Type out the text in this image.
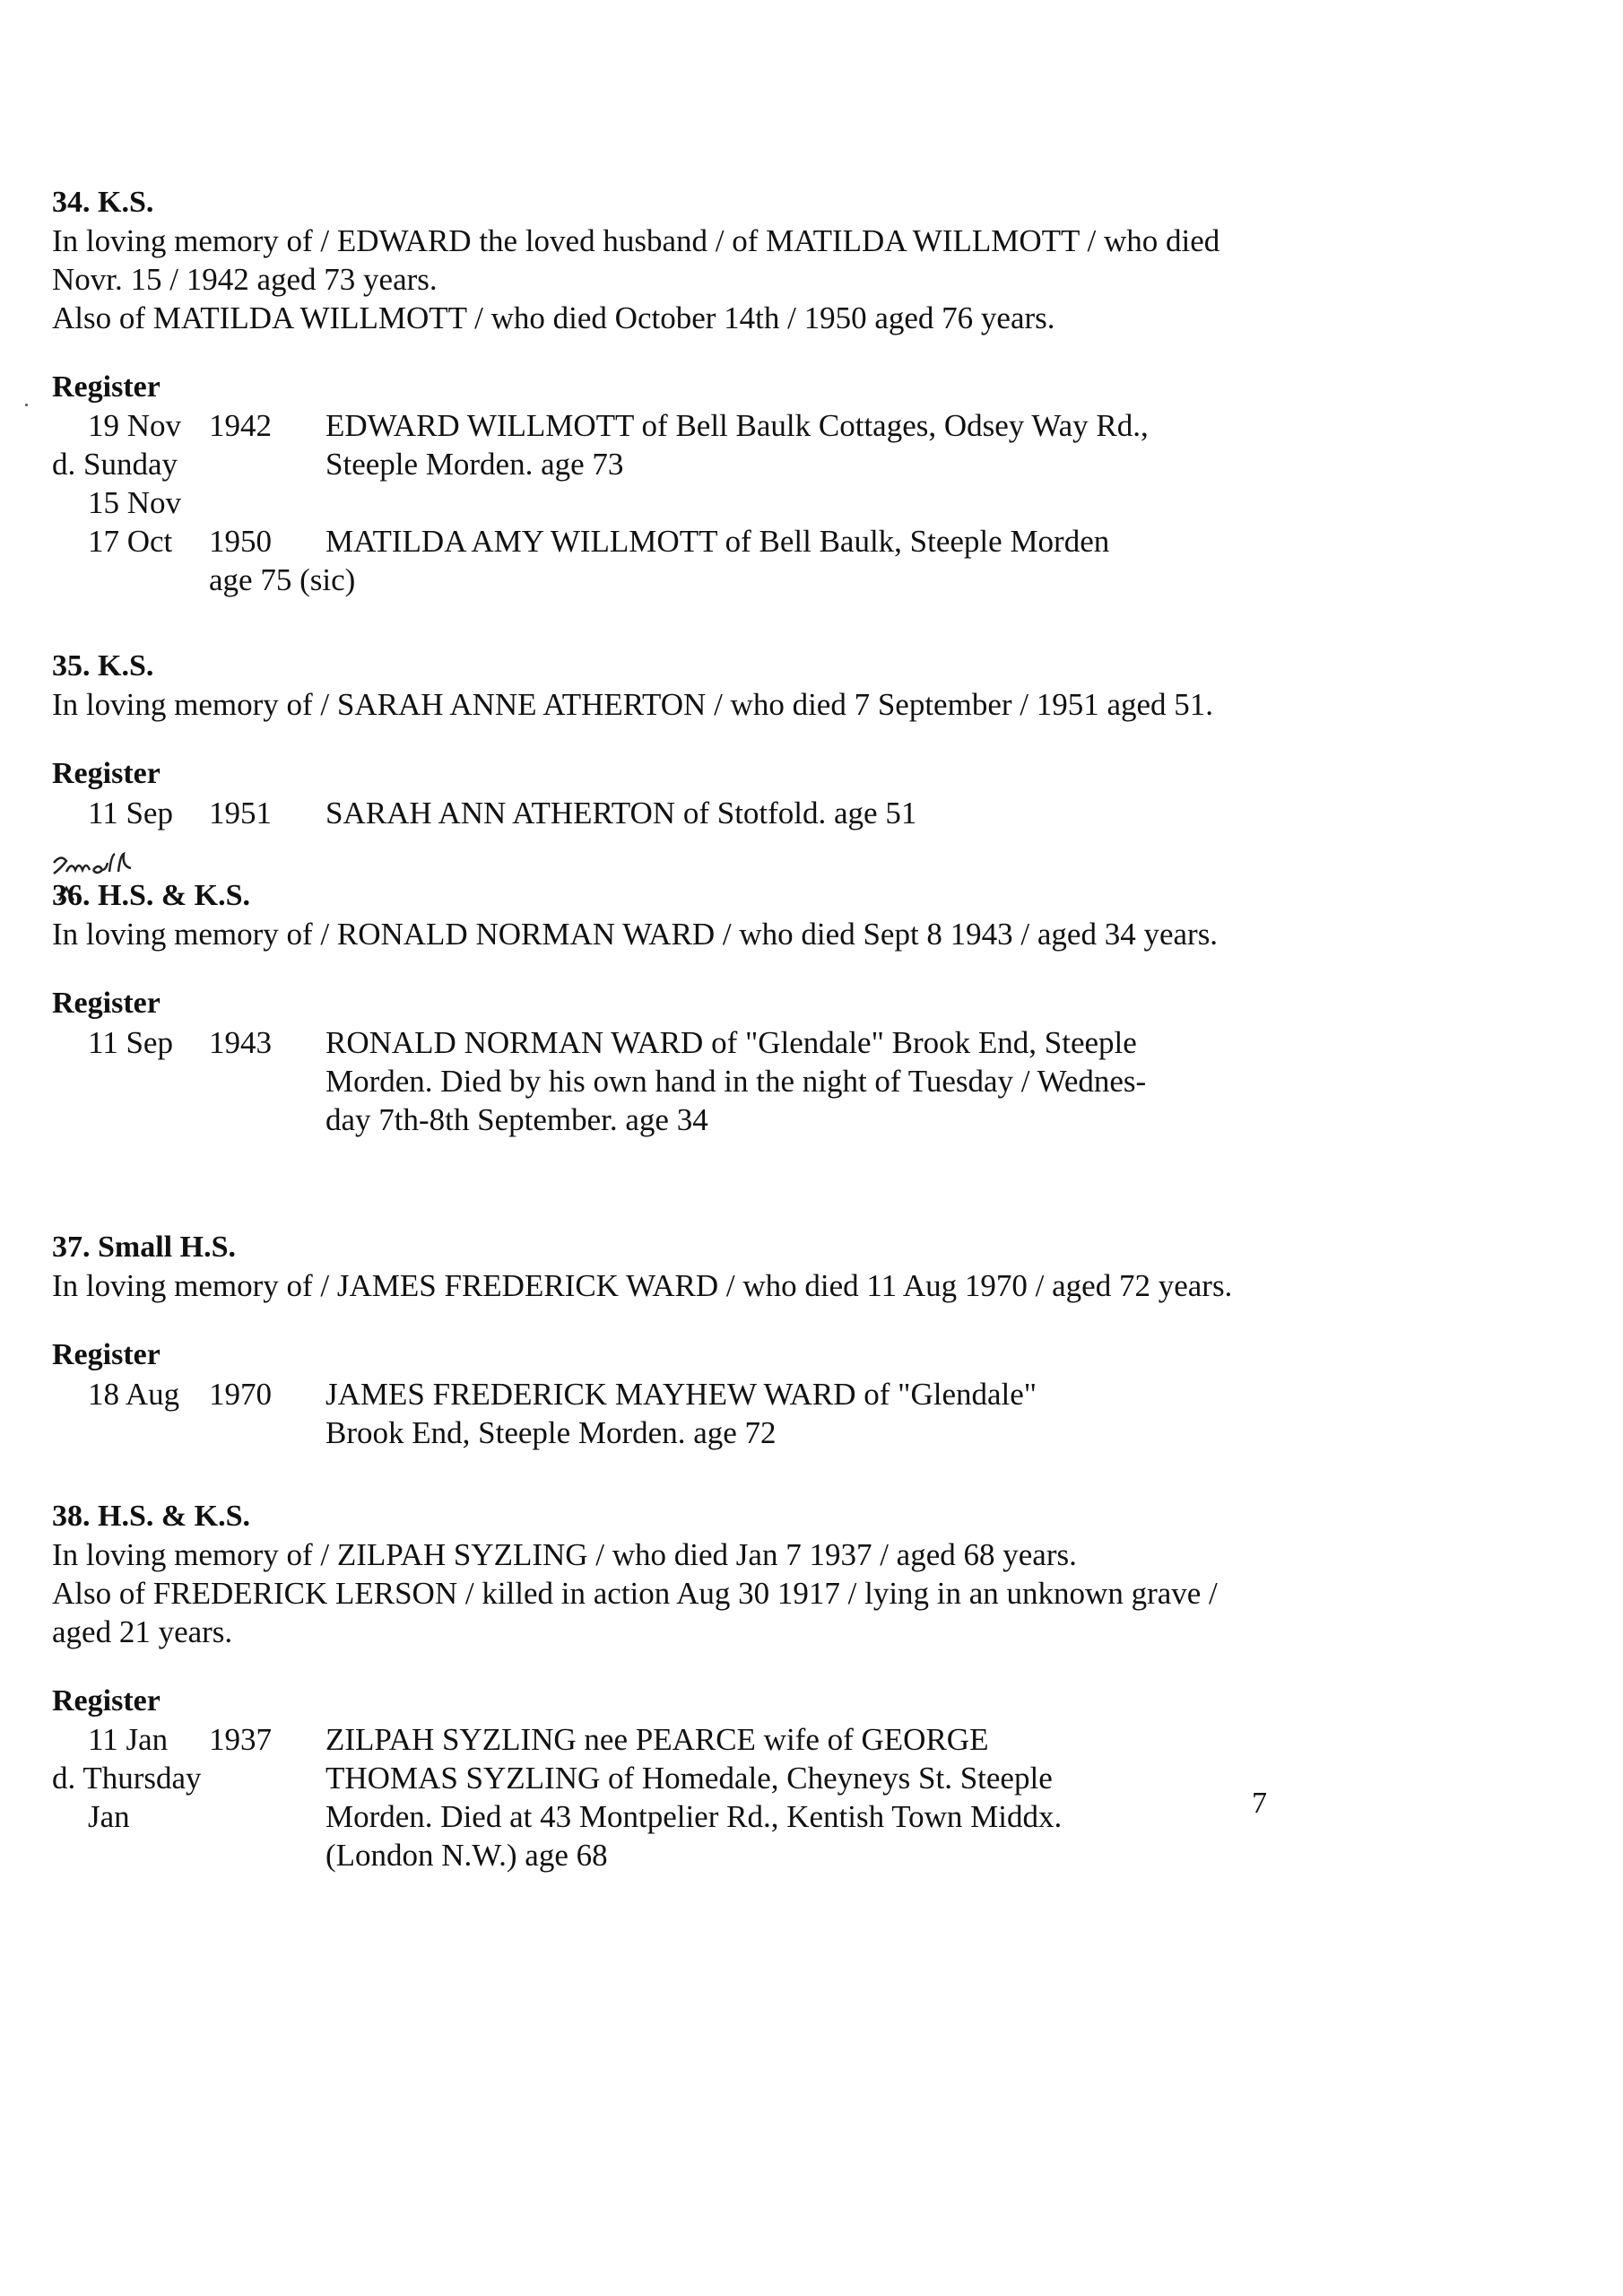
34. K.S.
In loving memory of / EDWARD the loved husband / of MATILDA WILLMOTT / who died
Novr. 15 / 1942 aged 73 years.
Also of MATILDA WILLMOTT / who died October 14th / 1950 aged 76 years.
Register
19 Nov 1942 EDWARD WILLMOTT of Bell Baulk Cottages, Odsey Way Rd.,
d. Sunday	Steeple Morden. age 73
15 Nov
17 Oct 1950 MATILDA AMY WILLMOTT of Bell Baulk, Steeple Morden
age 75 (sic)
35. K.S.
In loving memory of / SARAH ANNE ATHERTON / who died 7 September / 1951 aged 51.
Register
11 Sep 1951 SARAH ANN ATHERTON of Stotfold. age 51
36. H.S. & K.S.
In loving memory of / RONALD NORMAN WARD / who died Sept 8 1943 / aged 34 years.
Register
11 Sep 1943 RONALD NORMAN WARD of "Glendale" Brook End, Steeple
Morden. Died by his own hand in the night of Tuesday / Wednes-
day 7th-8th September. age 34
37. Small H.S.
In loving memory of / JAMES FREDERICK WARD / who died 11 Aug 1970 / aged 72 years.
Register
18 Aug 1970 JAMES FREDERICK MAYHEW WARD of "Glendale"
Brook End, Steeple Morden. age 72
38. H.S. & K.S.
In loving memory of / ZILPAH SYZLING / who died Jan 7 1937 / aged 68 years.
Also of FREDERICK LERSON / killed in action Aug 30 1917 / lying in an unknown grave /
aged 21 years.
Register
11 Jan 1937 ZILPAH SYZLING nee PEARCE wife of GEORGE
d. Thursday	THOMAS SYZLING of Homedale, Cheyneys St. Steeple
Jan	Morden. Died at 43 Montpelier Rd., Kentish Town Middx.
(London N.W.) age 68
7
